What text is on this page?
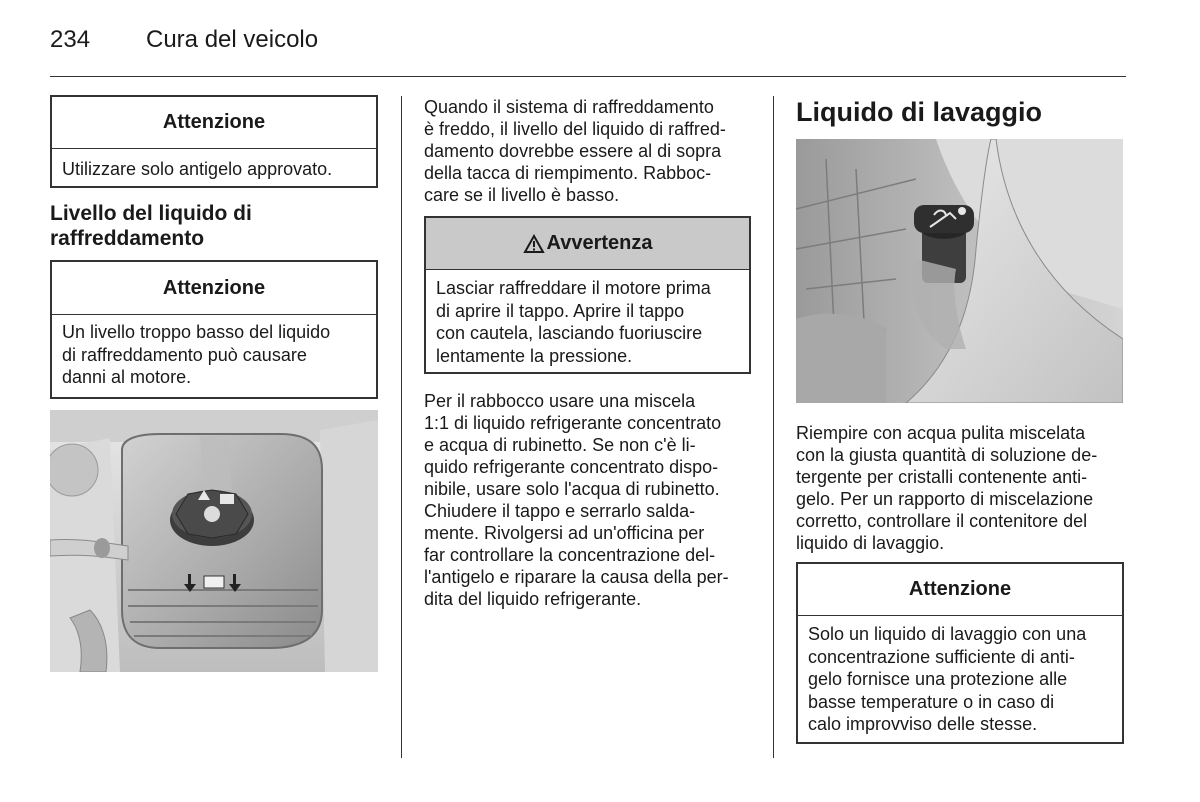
234 Cura del veicolo
Attenzione
Utilizzare solo antigelo approvato.
Livello del liquido di
raffreddamento
Attenzione
Un livello troppo basso del liquido
di raffreddamento può causare
danni al motore.
Quando il sistema di raffreddamento
è freddo, il livello del liquido di raffred-
damento dovrebbe essere al di sopra
della tacca di riempimento. Rabboc-
care se il livello è basso.
Avvertenza
Lasciar raffreddare il motore prima
di aprire il tappo. Aprire il tappo
con cautela, lasciando fuoriuscire
lentamente la pressione.
Per il rabbocco usare una miscela
1:1 di liquido refrigerante concentrato
e acqua di rubinetto. Se non c'è li-
quido refrigerante concentrato dispo-
nibile, usare solo l'acqua di rubinetto.
Chiudere il tappo e serrarlo salda-
mente. Rivolgersi ad un'officina per
far controllare la concentrazione del-
l'antigelo e riparare la causa della per-
dita del liquido refrigerante.
Liquido di lavaggio
Riempire con acqua pulita miscelata
con la giusta quantità di soluzione de-
tergente per cristalli contenente anti-
gelo. Per un rapporto di miscelazione
corretto, controllare il contenitore del
liquido di lavaggio.
Attenzione
Solo un liquido di lavaggio con una
concentrazione sufficiente di anti-
gelo fornisce una protezione alle
basse temperature o in caso di
calo improvviso delle stesse.
